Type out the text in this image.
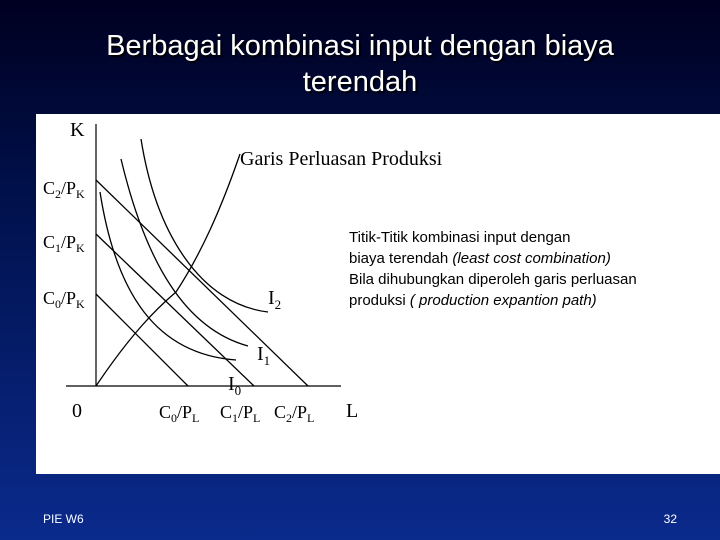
Berbagai kombinasi input dengan biaya
terendah
K
L
0
$C_2/P_K$
$C_1/P_K$
$C_0/P_K$
$C_0/P_L$ $C_1/P_L$ $C_2/P_L$
Garis Perluasan Produksi
$I_2$
$I_1$
$I_0$
Titik-Titik kombinasi input dengan
biaya terendah (least cost combination)
Bila dihubungkan diperoleh garis perluasan
produksi ( production expantion path)
PIE W6	32
